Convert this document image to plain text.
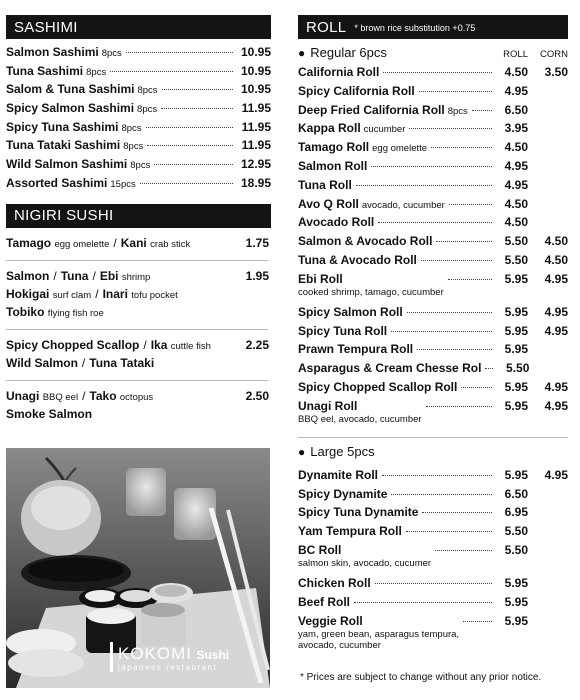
SASHIMI
Salmon Sashimi 8pcs	10.95
Tuna Sashimi 8pcs	10.95
Salom & Tuna Sashimi 8pcs	10.95
Spicy Salmon Sashimi 8pcs	11.95
Spicy Tuna Sashimi 8pcs	11.95
Tuna Tataki Sashimi 8pcs	11.95
Wild Salmon Sashimi 8pcs	12.95
Assorted Sashimi 15pcs	18.95
NIGIRI SUSHI
Tamago egg omelette / Kani crab stick	1.75
Salmon / Tuna / Ebi shrimp
Hokigai surf clam / Inari tofu pocket
Tobiko flying fish roe
1.95
Spicy Chopped Scallop / Ika cuttle fish
Wild Salmon / Tuna Tataki
2.25
Unagi BBQ eel / Tako octopus
Smoke Salmon
2.50
KOKOMI Sushi
japanese restaurant
ROLL * brown rice substitution +0.75
● Regular 6pcs	ROLL	CORN
California Roll	4.50	3.50
Spicy California Roll	4.95
Deep Fried California Roll 8pcs	6.50
Kappa Roll cucumber	3.95
Tamago Roll egg omelette	4.50
Salmon Roll	4.95
Tuna Roll	4.95
Avo Q Roll avocado, cucumber	4.50
Avocado Roll	4.50
Salmon & Avocado Roll	5.50	4.50
Tuna & Avocado Roll	5.50	4.50
Ebi Roll
cooked shrimp, tamago, cucumber
5.95	4.95
Spicy Salmon Roll	5.95	4.95
Spicy Tuna Roll	5.95	4.95
Prawn Tempura Roll	5.95
Asparagus & Cream Chesse Rol	5.50
Spicy Chopped Scallop Roll	5.95	4.95
Unagi Roll
BBQ eel, avocado, cucumber
5.95	4.95
● Large 5pcs
Dynamite Roll	5.95	4.95
Spicy Dynamite	6.50
Spicy Tuna Dynamite	6.95
Yam Tempura Roll	5.50
BC Roll
salmon skin, avocado, cucumer
5.50
Chicken Roll	5.95
Beef Roll	5.95
Veggie Roll
yam, green bean, asparagus tempura,
avocado, cucumber
5.95
* Prices are subject to change without any prior notice.
